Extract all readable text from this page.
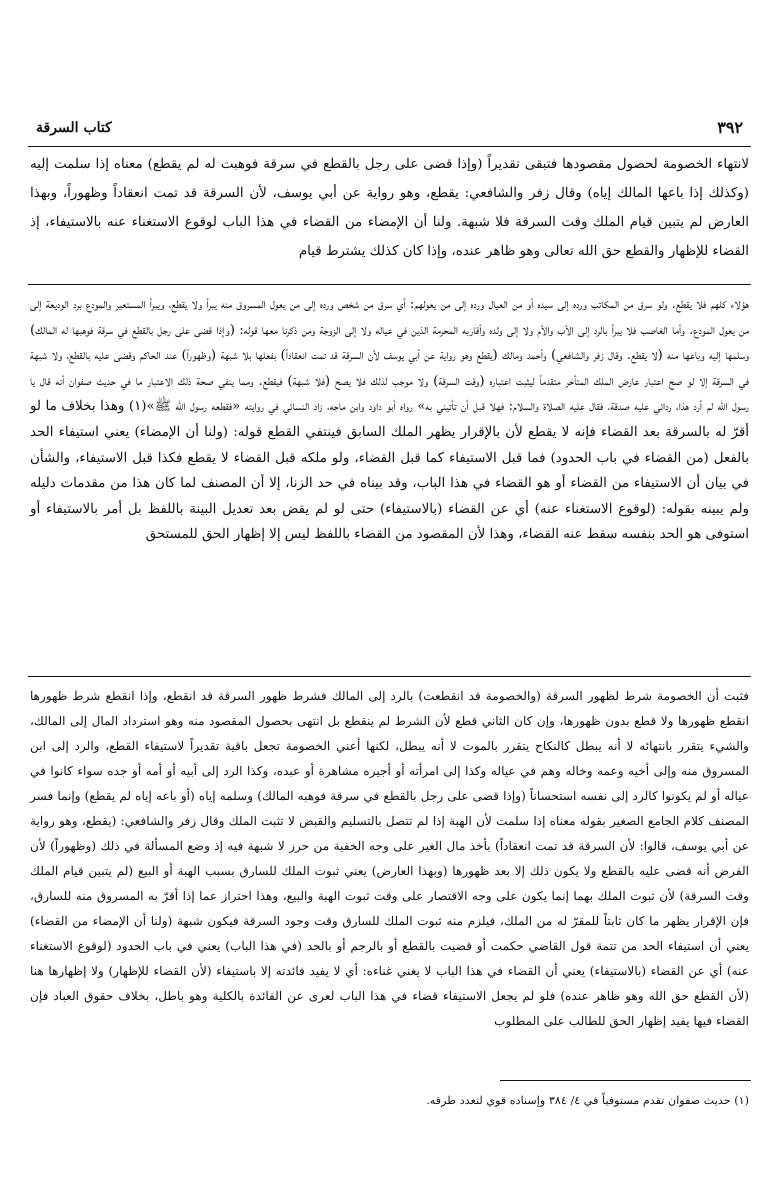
٣٩٢
كتاب السرقة

لانتهاء الخصومة لحصول مقصودها فتبقى تقديراً (وإذا قضى على رجل بالقطع في سرقة فوهبت له لم يقطع) معناه إذا سلمت إليه (وكذلك إذا باعها المالك إياه) وقال زفر والشافعي: يقطع، وهو رواية عن أبي يوسف، لأن السرقة قد تمت انعقاداً وظهوراً، وبهذا العارض لم يتبين قيام الملك وقت السرقة فلا شبهة. ولنا أن الإمضاء من القضاء في هذا الباب لوقوع الاستغناء عنه بالاستيفاء، إذ القضاء للإظهار والقطع حق الله تعالى وهو ظاهر عنده، وإذا كان كذلك يشترط قيام

هؤلاء كلهم فلا يقطع. ولو سرق من المكاتب ورده إلى سيده أو من العيال ورده إلى من يعولهم: أي سرق من شخص ورده إلى من يعول المسروق منه يبرأ ولا يقطع، ويبرأ المستعير والمودع برد الوديعة إلى من يعول المودع. وأما الغاصب فلا يبرأ بالرد إلى الأب والأم ولا إلى ولده وأقاربه المحرمة الذين في عياله ولا إلى الزوجة ومن ذكرنا معها قوله: (وإذا قضى على رجل بالقطع في سرقة فوهبها له المالك) وسلمها إليه وباعها منه (لا يقطع. وقال زفر والشافعي) وأحمد ومالك (يقطع وهو رواية عن أبي يوسف لأن السرقة قد تمت انعقاداً) بفعلها بلا شبهة (وظهوراً) عند الحاكم وقضى عليه بالقطع، ولا شبهة في السرقة إلا لو صح اعتبار عارض الملك المتأخر متقدماً ليثبت اعتباره (وقت السرقة) ولا موجب لذلك فلا يصح (فلا شبهة) فيقطع. ومما ينفي صحة ذلك الاعتبار ما في حديث صفوان أنه قال يا رسول الله لم أرد هذا، ردائي عليه صدقة، فقال عليه الصلاة والسلام: فهلا قبل أن تأتيني به» رواه أبو داود وابن ماجه، زاد النسائي في روايته «فقطعه رسول الله ﷺ»(١) وهذا بخلاف ما لو أقرّ له بالسرقة بعد القضاء فإنه لا يقطع لأن بالإقرار يظهر الملك السابق فينتفي القطع قوله: (ولنا أن الإمضاء) يعني استيفاء الحد بالفعل (من القضاء في باب الحدود) فما قبل الاستيفاء كما قبل القضاء، ولو ملكه قبل القضاء لا يقطع فكذا قبل الاستيفاء، والشأن في بيان أن الاستيفاء من القضاء أو هو القضاء في هذا الباب، وقد بيناه في حد الزنا، إلا أن المصنف لما كان هذا من مقدمات دليله ولم يبينه بقوله: (لوقوع الاستغناء عنه) أي عن القضاء (بالاستيفاء) حتى لو لم يقض بعد تعديل البينة باللفظ بل أمر بالاستيفاء أو استوفى هو الحد بنفسه سقط عنه القضاء، وهذا لأن المقصود من القضاء باللفظ ليس إلا إظهار الحق للمستحق

فثبت أن الخصومة شرط لظهور السرقة (والخصومة قد انقطعت) بالرد إلى المالك فشرط ظهور السرقة قد انقطع، وإذا انقطع شرط ظهورها انقطع ظهورها ولا قطع بدون ظهورها، وإن كان الثاني قطع لأن الشرط لم ينقطع بل انتهى بحصول المقصود منه وهو استرداد المال إلى المالك، والشيء يتقرر بانتهائه لا أنه يبطل كالنكاح يتقرر بالموت لا أنه يبطل، لكنها أعني الخصومة تجعل باقية تقديراً لاستيفاء القطع، والرد إلى ابن المسروق منه وإلى أخيه وعمه وخاله وهم في عياله وكذا إلى امرأته أو أجيره مشاهرة أو عبده، وكذا الرد إلى أبيه أو أمه أو جده سواء كانوا في عياله أو لم يكونوا كالرد إلى نفسه استحساناً (وإذا قضى على رجل بالقطع في سرقة فوهبه المالك) وسلمه إياه (أو باعه إياه لم يقطع) وإنما فسر المصنف كلام الجامع الصغير بقوله معناه إذا سلمت لأن الهبة إذا لم تتصل بالتسليم والقبض لا تثبت الملك وقال زفر والشافعي: (يقطع، وهو رواية عن أبي يوسف، قالوا: لأن السرقة قد تمت انعقاداً) بأخذ مال الغير على وجه الخفية من حرز لا شبهة فيه إذ وضع المسألة في ذلك (وظهوراً) لأن الفرض أنه قضى عليه بالقطع ولا يكون ذلك إلا بعد ظهورها (وبهذا العارض) يعني ثبوت الملك للسارق بسبب الهبة أو البيع (لم يتبين قيام الملك وقت السرقة) لأن ثبوت الملك بهما إنما يكون على وجه الاقتصار على وقت ثبوت الهبة والبيع، وهذا احتراز عما إذا أقرّ به المسروق منه للسارق، فإن الإقرار يظهر ما كان ثابتاً للمقرّ له من الملك، فيلزم منه ثبوت الملك للسارق وقت وجود السرقة فيكون شبهة (ولنا أن الإمضاء من القضاء) يعني أن استيفاء الحد من تتمة قول القاضي حكمت أو قضيت بالقطع أو بالرجم أو بالحد (في هذا الباب) يعني في باب الحدود (لوقوع الاستغناء عنه) أي عن القضاء (بالاستيفاء) يعني أن القضاء في هذا الباب لا يغني غناءه: أي لا يفيد فائدته إلا باستيفاء (لأن القضاء للإظهار) ولا إظهارها هنا (لأن القطع حق الله وهو ظاهر عنده) فلو لم يجعل الاستيفاء قضاء في هذا الباب لعرى عن الفائدة بالكلية وهو باطل، بخلاف حقوق العباد فإن القضاء فيها يفيد إظهار الحق للطالب على المطلوب

(١) حديث صفوان تقدم مستوفياً في ٤/ ٣٨٤ وإسناده قوي لتعدد طرقه.
